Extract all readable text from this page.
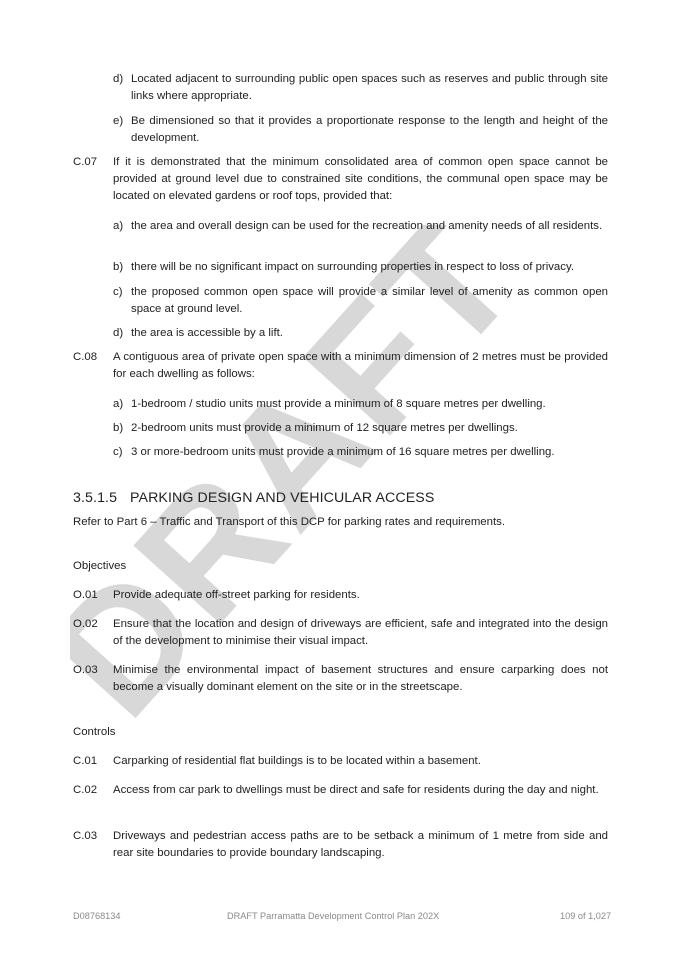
DRAFT
d) Located adjacent to surrounding public open spaces such as reserves and public through site links where appropriate.
e) Be dimensioned so that it provides a proportionate response to the length and height of the development.
C.07 If it is demonstrated that the minimum consolidated area of common open space cannot be provided at ground level due to constrained site conditions, the communal open space may be located on elevated gardens or roof tops, provided that:
a) the area and overall design can be used for the recreation and amenity needs of all residents.
b) there will be no significant impact on surrounding properties in respect to loss of privacy.
c) the proposed common open space will provide a similar level of amenity as common open space at ground level.
d) the area is accessible by a lift.
C.08 A contiguous area of private open space with a minimum dimension of 2 metres must be provided for each dwelling as follows:
a) 1-bedroom / studio units must provide a minimum of 8 square metres per dwelling.
b) 2-bedroom units must provide a minimum of 12 square metres per dwellings.
c) 3 or more-bedroom units must provide a minimum of 16 square metres per dwelling.
3.5.1.5 PARKING DESIGN AND VEHICULAR ACCESS
Refer to Part 6 – Traffic and Transport of this DCP for parking rates and requirements.
Objectives
O.01 Provide adequate off-street parking for residents.
O.02 Ensure that the location and design of driveways are efficient, safe and integrated into the design of the development to minimise their visual impact.
O.03 Minimise the environmental impact of basement structures and ensure carparking does not become a visually dominant element on the site or in the streetscape.
Controls
C.01 Carparking of residential flat buildings is to be located within a basement.
C.02 Access from car park to dwellings must be direct and safe for residents during the day and night.
C.03 Driveways and pedestrian access paths are to be setback a minimum of 1 metre from side and rear site boundaries to provide boundary landscaping.
D08768134	DRAFT Parramatta Development Control Plan 202X	109 of 1,027
